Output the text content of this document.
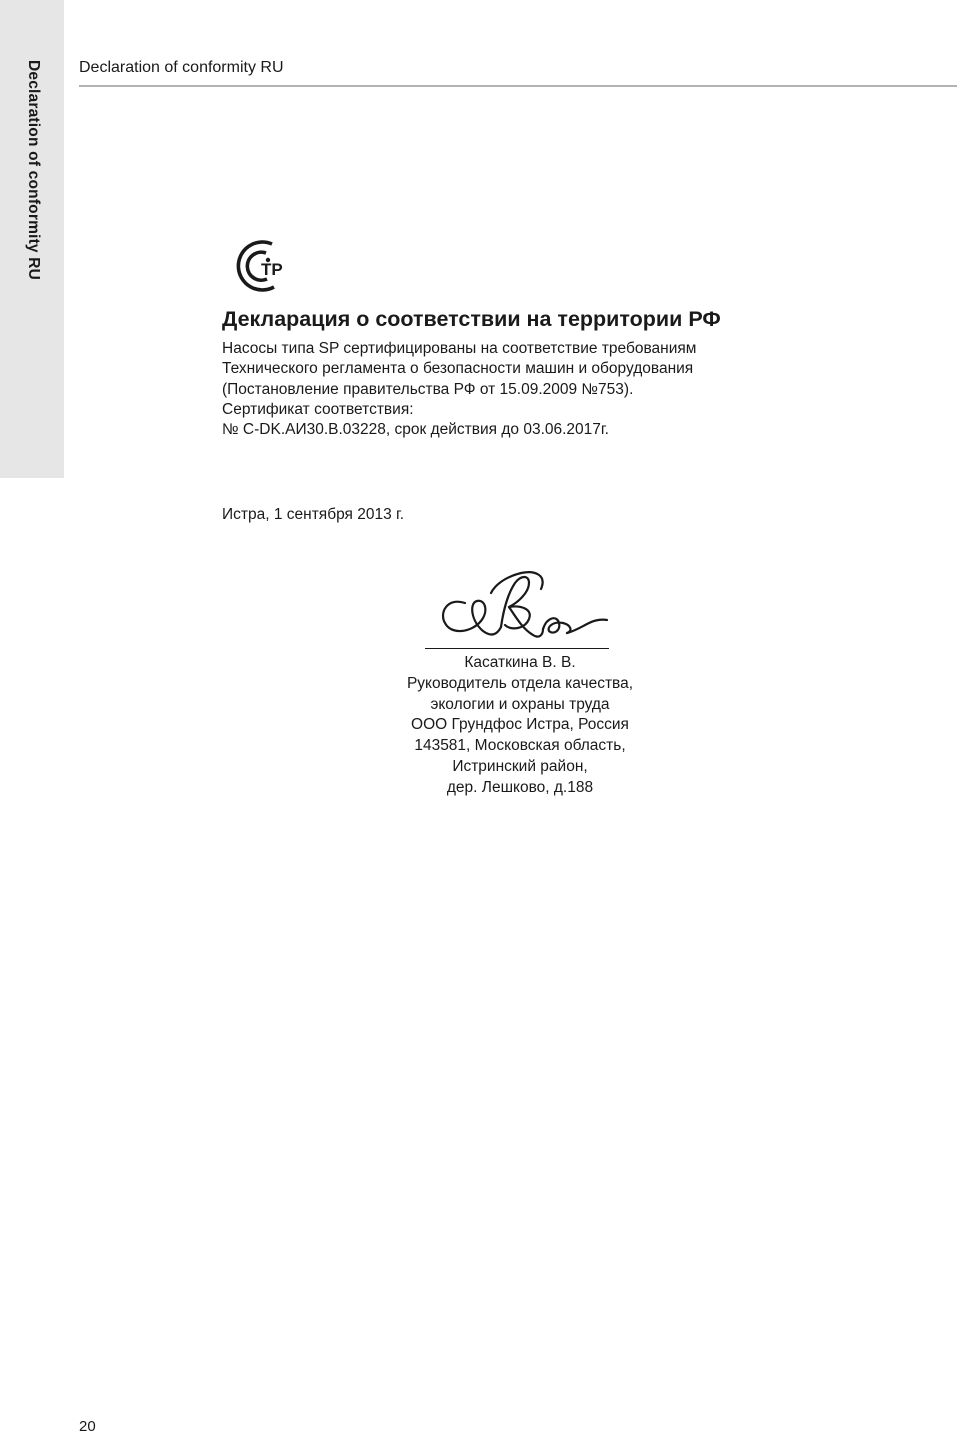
Declaration of conformity RU Declaration of conformity RU
ТР
Декларация о соответствии на территории РФ
Насосы типа SP сертифицированы на соответствие требованиям
Технического регламента о безопасности машин и оборудования
(Постановление правительства РФ от 15.09.2009 №753).
Сертификат соответствия:
№ C-DK.АИ30.В.03228, срок действия до 03.06.2017г.
Истра, 1 сентября 2013 г.
Касаткина В. В.
Руководитель отдела качества,
экологии и охраны труда
ООО Грундфос Истра, Россия
143581, Московская область,
Истринский район,
дер. Лешково, д.188
20
